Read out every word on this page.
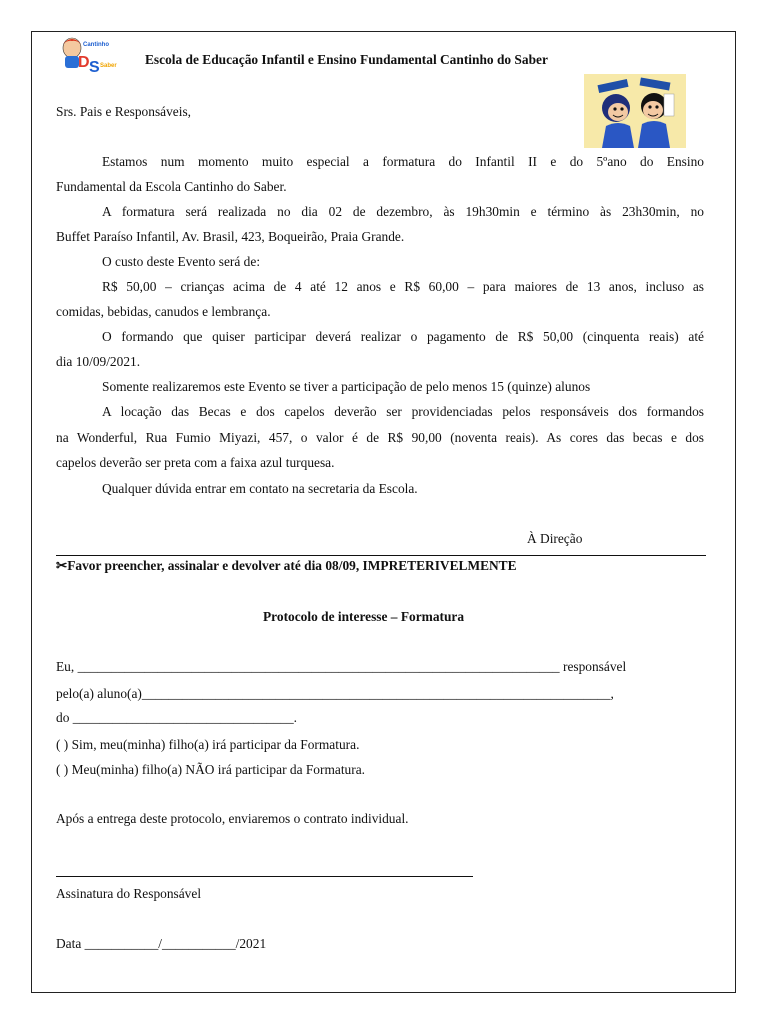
D S
Cantinho
Saber Escola de Educação Infantil e Ensino Fundamental Cantinho do Saber
Srs. Pais e Responsáveis,
Estamos num momento muito especial a formatura do Infantil II e do 5ºano do Ensino
Fundamental da Escola Cantinho do Saber.
A formatura será realizada no dia 02 de dezembro, às 19h30min e término às 23h30min, no
Buffet Paraíso Infantil, Av. Brasil, 423, Boqueirão, Praia Grande.
O custo deste Evento será de:
R$ 50,00 – crianças acima de 4 até 12 anos e R$ 60,00 – para maiores de 13 anos, incluso as
comidas, bebidas, canudos e lembrança.
O formando que quiser participar deverá realizar o pagamento de R$ 50,00 (cinquenta reais) até
dia 10/09/2021.
Somente realizaremos este Evento se tiver a participação de pelo menos 15 (quinze) alunos
A locação das Becas e dos capelos deverão ser providenciadas pelos responsáveis dos formandos
na Wonderful, Rua Fumio Miyazi, 457, o valor é de R$ 90,00 (noventa reais). As cores das becas e dos
capelos deverão ser preta com a faixa azul turquesa.
Qualquer dúvida entrar em contato na secretaria da Escola.
À Direção
✂Favor preencher, assinalar e devolver até dia 08/09, IMPRETERIVELMENTE
Protocolo de interesse – Formatura
Eu, ________________________________________________________________________ responsável
pelo(a) aluno(a)______________________________________________________________________,
do _________________________________.
( ) Sim, meu(minha) filho(a) irá participar da Formatura.
( ) Meu(minha) filho(a) NÃO irá participar da Formatura.
Após a entrega deste protocolo, enviaremos o contrato individual.
Assinatura do Responsável
Data ___________/___________/2021
